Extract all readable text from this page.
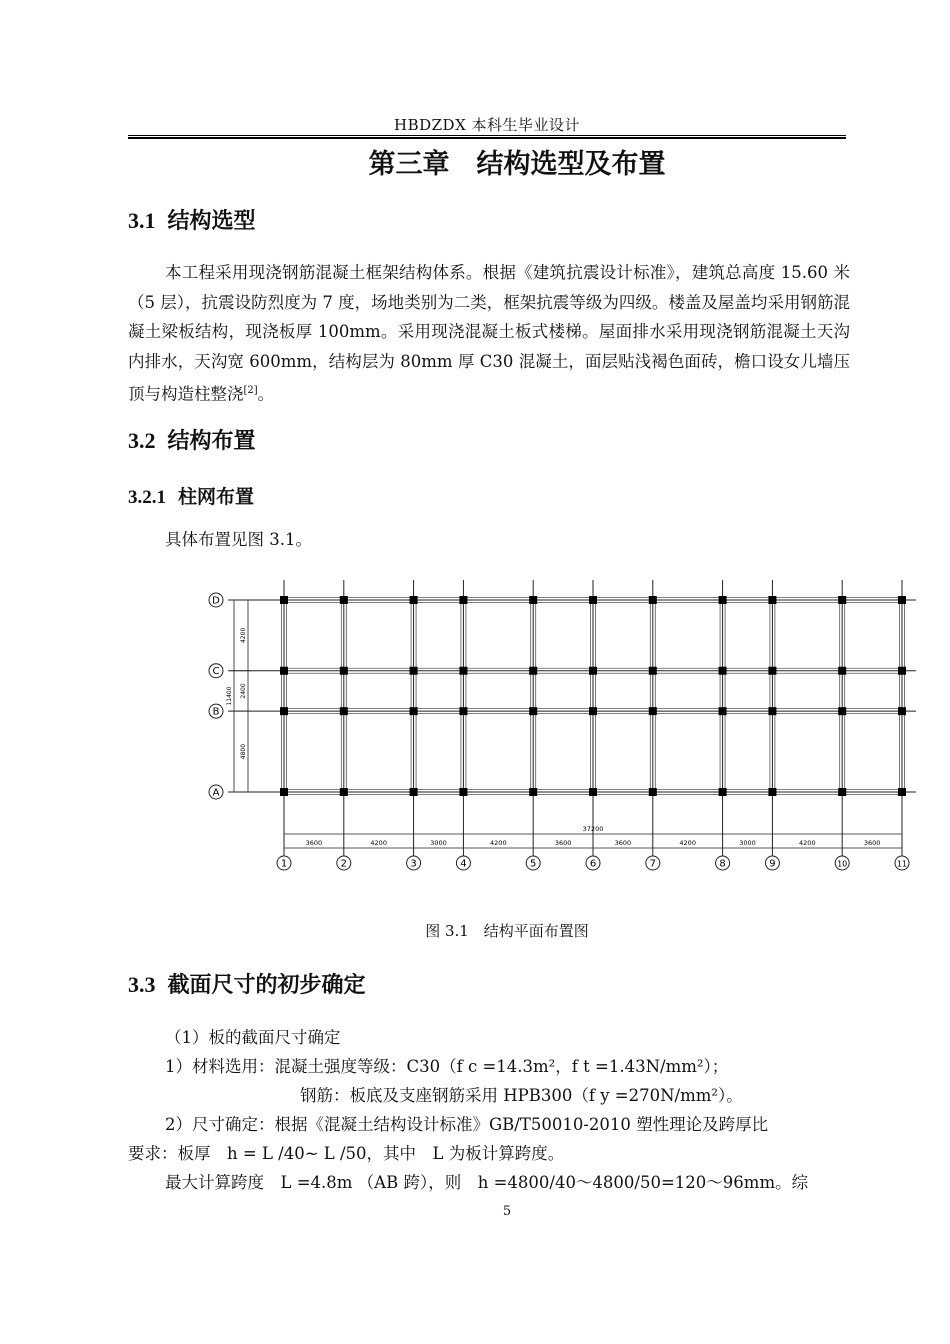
HBDZDX 本科生毕业设计
第三章　结构选型及布置
3.1 结构选型
本工程采用现浇钢筋混凝土框架结构体系。根据《建筑抗震设计标准》，建筑总高度 15.60 米（5 层），抗震设防烈度为 7 度，场地类别为二类，框架抗震等级为四级。楼盖及屋盖均采用钢筋混凝土梁板结构，现浇板厚 100mm。采用现浇混凝土板式楼梯。屋面排水采用现浇钢筋混凝土天沟内排水，天沟宽 600mm，结构层为 80mm 厚 C30 混凝土，面层贴浅褐色面砖，檐口设女儿墙压顶与构造柱整浇[2]。
3.2 结构布置
3.2.1 柱网布置
具体布置见图 3.1。
D
C
B
A
11400
4200
2400
4800
37200
3600	4200	3000	4200	3600	3600	4200	3000	4200	3600
1	2	3	4	5	6	7	8	9	10	11
图 3.1　结构平面布置图
3.3 截面尺寸的初步确定
（1）板的截面尺寸确定
1）材料选用：混凝土强度等级：C30（f c =14.3m²，f t =1.43N/mm²）；
钢筋：板底及支座钢筋采用 HPB300（f y =270N/mm²）。
2）尺寸确定：根据《混凝土结构设计标准》GB/T50010-2010 塑性理论及跨厚比
要求：板厚　h = L /40~ L /50，其中　L 为板计算跨度。
最大计算跨度　L =4.8m （AB 跨），则　h =4800/40～4800/50=120～96mm。综
5
